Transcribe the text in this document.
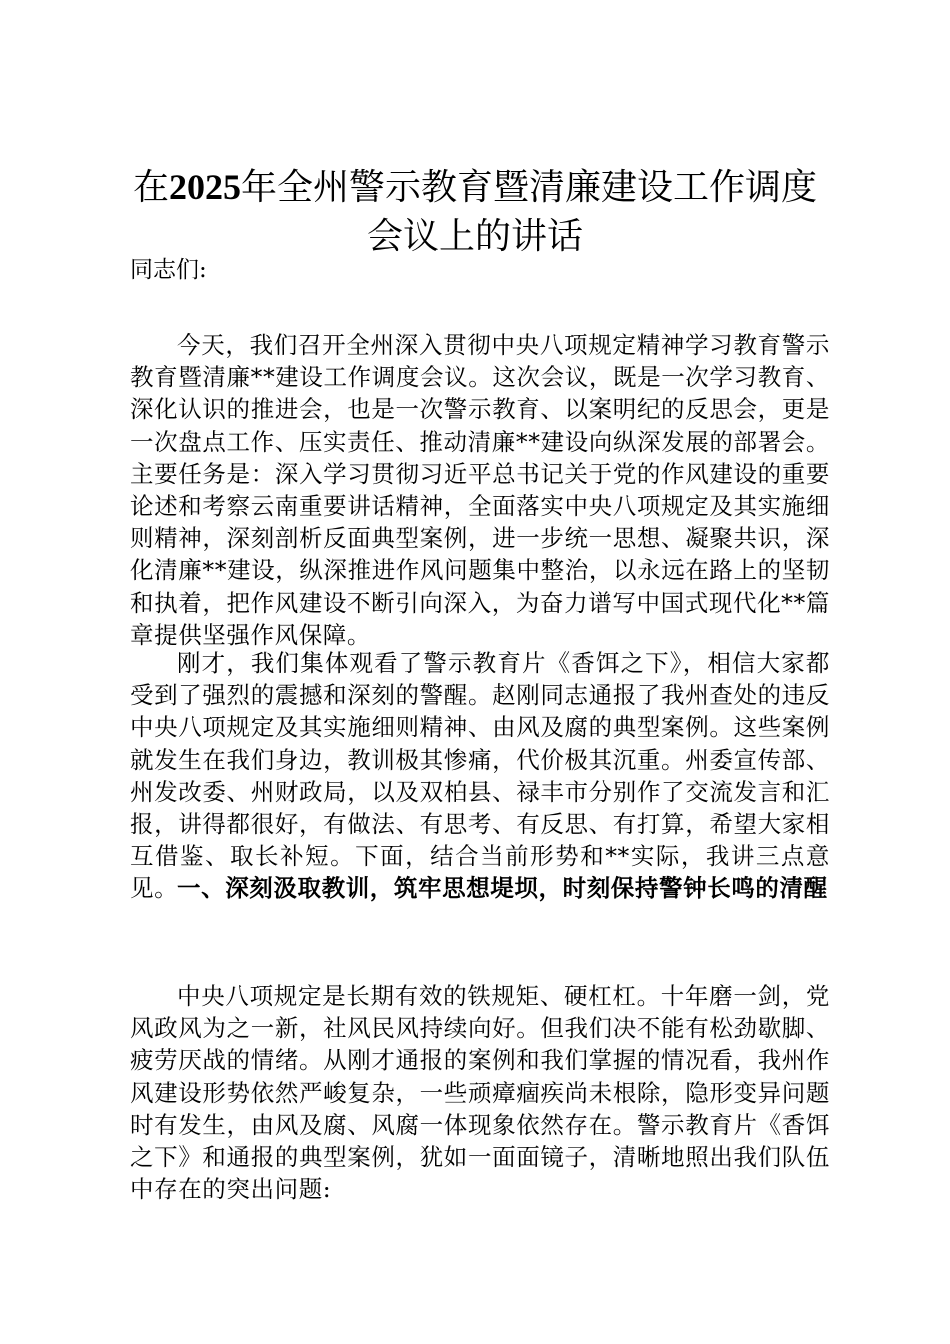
在2025年全州警示教育暨清廉建设工作调度会议上的讲话

同志们:

今天，我们召开全州深入贯彻中央八项规定精神学习教育警示教育暨清廉**建设工作调度会议。这次会议，既是一次学习教育、深化认识的推进会，也是一次警示教育、以案明纪的反思会，更是一次盘点工作、压实责任、推动清廉**建设向纵深发展的部署会。主要任务是：深入学习贯彻习近平总书记关于党的作风建设的重要论述和考察云南重要讲话精神，全面落实中央八项规定及其实施细则精神，深刻剖析反面典型案例，进一步统一思想、凝聚共识，深化清廉**建设，纵深推进作风问题集中整治，以永远在路上的坚韧和执着，把作风建设不断引向深入，为奋力谱写中国式现代化**篇章提供坚强作风保障。

刚才，我们集体观看了警示教育片《香饵之下》，相信大家都受到了强烈的震撼和深刻的警醒。赵刚同志通报了我州查处的违反中央八项规定及其实施细则精神、由风及腐的典型案例。这些案例就发生在我们身边，教训极其惨痛，代价极其沉重。州委宣传部、州发改委、州财政局，以及双柏县、禄丰市分别作了交流发言和汇报，讲得都很好，有做法、有思考、有反思、有打算，希望大家相互借鉴、取长补短。下面，结合当前形势和**实际，我讲三点意见。

一、深刻汲取教训，筑牢思想堤坝，时刻保持警钟长鸣的清醒

中央八项规定是长期有效的铁规矩、硬杠杠。十年磨一剑，党风政风为之一新，社风民风持续向好。但我们决不能有松劲歇脚、疲劳厌战的情绪。从刚才通报的案例和我们掌握的情况看，我州作风建设形势依然严峻复杂，一些顽瘴痼疾尚未根除，隐形变异问题时有发生，由风及腐、风腐一体现象依然存在。警示教育片《香饵之下》和通报的典型案例，犹如一面面镜子，清晰地照出我们队伍中存在的突出问题:
